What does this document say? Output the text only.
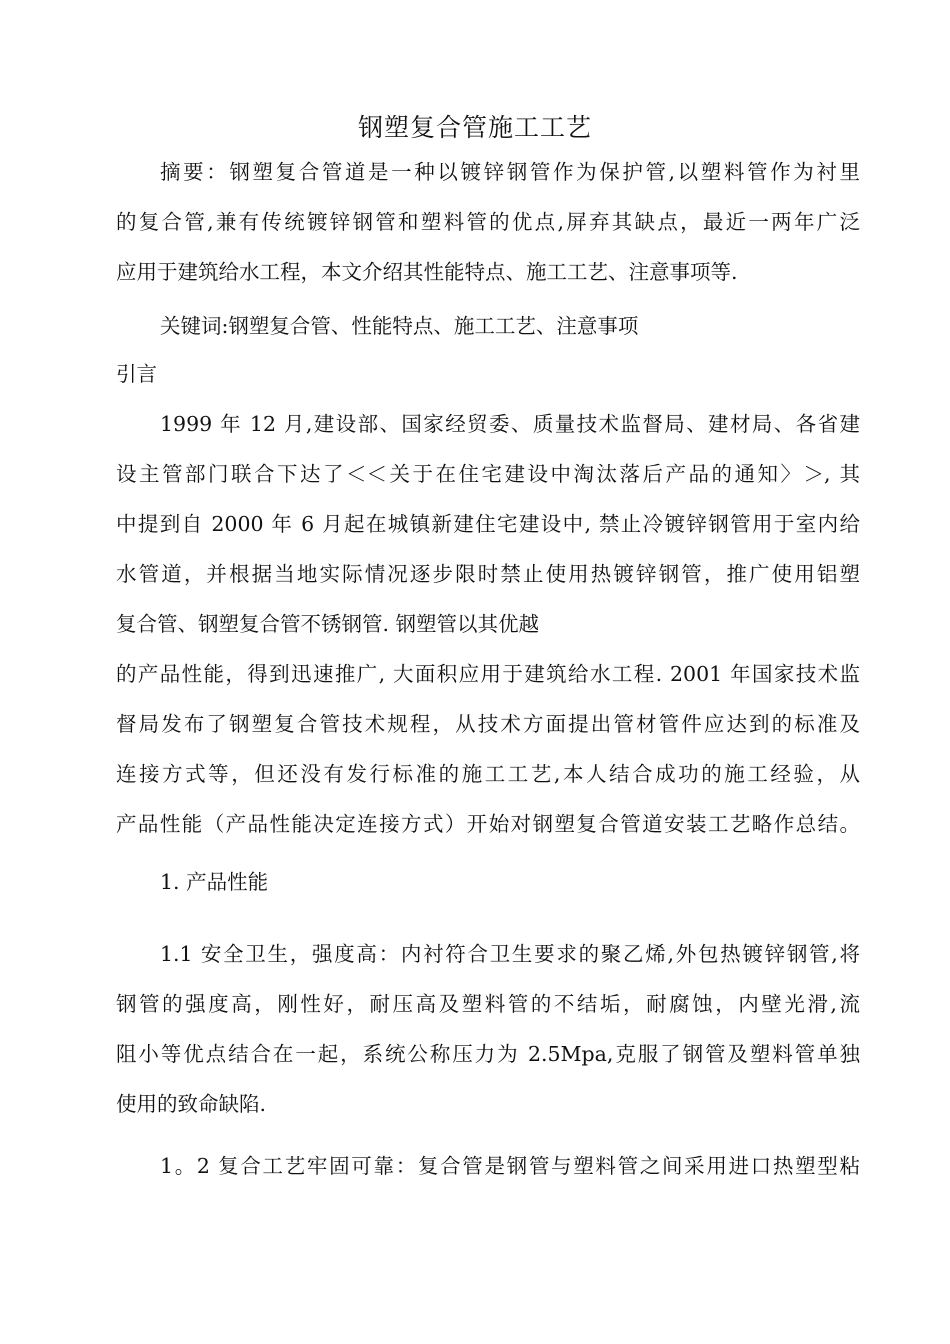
钢塑复合管施工工艺
摘要：钢塑复合管道是一种以镀锌钢管作为保护管,以塑料管作为衬里
的复合管,兼有传统镀锌钢管和塑料管的优点,屏弃其缺点，最近一两年广泛
应用于建筑给水工程，本文介绍其性能特点、施工工艺、注意事项等.
关键词:钢塑复合管、性能特点、施工工艺、注意事项
引言
1999 年 12 月,建设部、国家经贸委、质量技术监督局、建材局、各省建
设主管部门联合下达了＜＜关于在住宅建设中淘汰落后产品的通知〉＞, 其
中提到自 2000 年 6 月起在城镇新建住宅建设中, 禁止冷镀锌钢管用于室内给
水管道，并根据当地实际情况逐步限时禁止使用热镀锌钢管，推广使用铝塑
复合管、钢塑复合管不锈钢管. 钢塑管以其优越
的产品性能，得到迅速推广, 大面积应用于建筑给水工程. 2001 年国家技术监
督局发布了钢塑复合管技术规程，从技术方面提出管材管件应达到的标准及
连接方式等，但还没有发行标准的施工工艺,本人结合成功的施工经验，从
产品性能（产品性能决定连接方式）开始对钢塑复合管道安装工艺略作总结。
1. 产品性能
1.1 安全卫生，强度高：内衬符合卫生要求的聚乙烯,外包热镀锌钢管,将
钢管的强度高，刚性好，耐压高及塑料管的不结垢，耐腐蚀，内壁光滑,流
阻小等优点结合在一起，系统公称压力为 2.5Mpa,克服了钢管及塑料管单独
使用的致命缺陷.
1。2 复合工艺牢固可靠：复合管是钢管与塑料管之间采用进口热塑型粘
